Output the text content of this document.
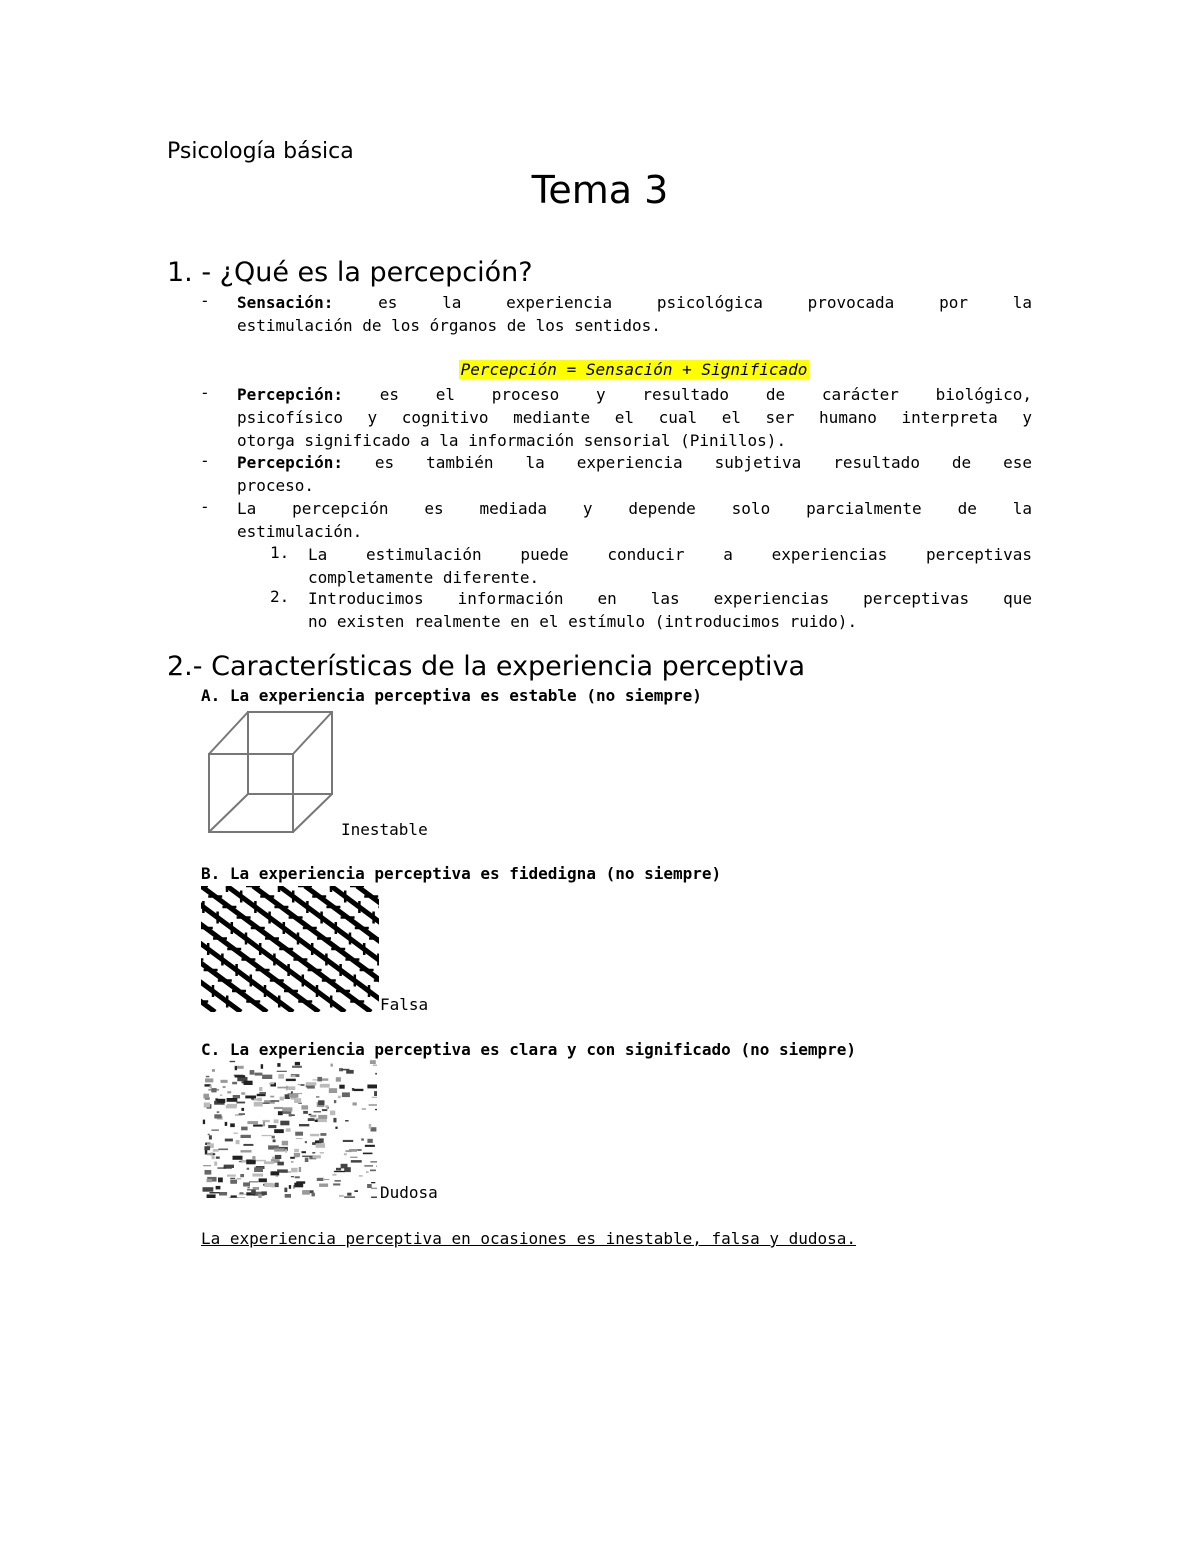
Psicología básica
Tema 3
1. - ¿Qué es la percepción?
-	Sensación:	es la experiencia psicológica provocada por la
estimulación de los órganos de los sentidos.
Percepción = Sensación + Significado
-	Percepción: es el proceso y resultado de carácter biológico,
psicofísico y cognitivo mediante el cual el ser humano interpreta y
otorga significado a la información sensorial (Pinillos).
-	Percepción: es también la experiencia subjetiva resultado de ese
proceso.
-	La percepción es mediada y depende solo parcialmente de la
estimulación.
1. La estimulación puede conducir a experiencias perceptivas
completamente diferente.
2. Introducimos información en las experiencias perceptivas que
no existen realmente en el estímulo (introducimos ruido).
2.- Características de la experiencia perceptiva
A. La experiencia perceptiva es estable (no siempre)
Inestable
B. La experiencia perceptiva es fidedigna (no siempre)
Falsa
C. La experiencia perceptiva es clara y con significado (no siempre)
Dudosa
La experiencia perceptiva en ocasiones es inestable, falsa y dudosa.
